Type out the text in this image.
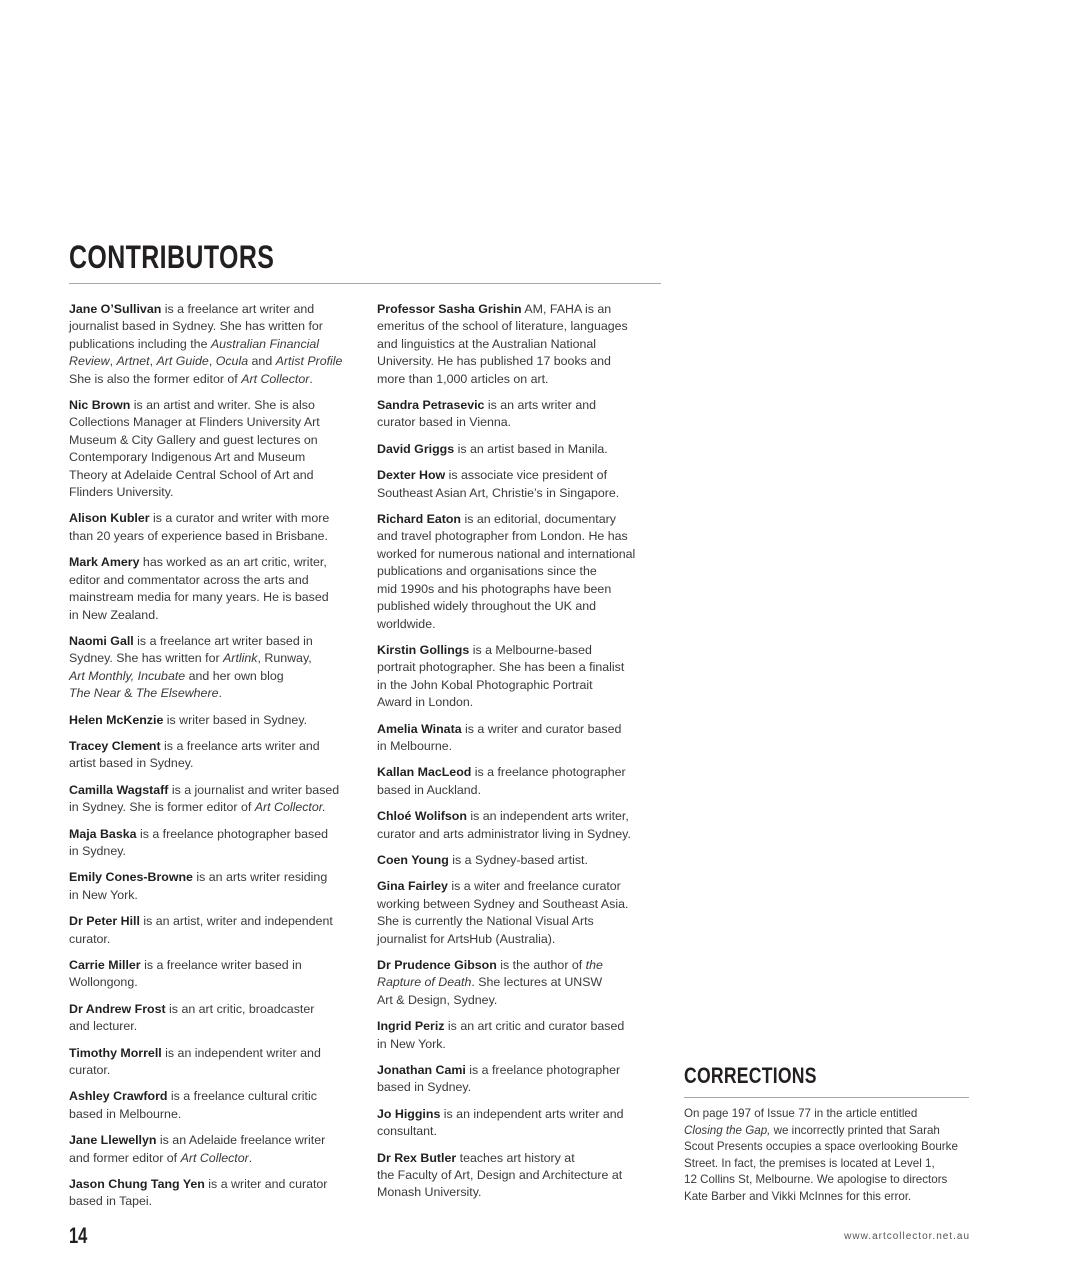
CONTRIBUTORS

Jane O’Sullivan is a freelance art writer and
journalist based in Sydney. She has written for
publications including the Australian Financial
Review, Artnet, Art Guide, Ocula and Artist Profile
She is also the former editor of Art Collector.

Nic Brown is an artist and writer. She is also
Collections Manager at Flinders University Art
Museum & City Gallery and guest lectures on
Contemporary Indigenous Art and Museum
Theory at Adelaide Central School of Art and
Flinders University.

Alison Kubler is a curator and writer with more
than 20 years of experience based in Brisbane.

Mark Amery has worked as an art critic, writer,
editor and commentator across the arts and
mainstream media for many years. He is based
in New Zealand.

Naomi Gall is a freelance art writer based in
Sydney. She has written for Artlink, Runway,
Art Monthly, Incubate and her own blog
The Near & The Elsewhere.

Helen McKenzie is writer based in Sydney.

Tracey Clement is a freelance arts writer and
artist based in Sydney.

Camilla Wagstaff is a journalist and writer based
in Sydney. She is former editor of Art Collector.

Maja Baska is a freelance photographer based
in Sydney.

Emily Cones-Browne is an arts writer residing
in New York.

Dr Peter Hill is an artist, writer and independent
curator.

Carrie Miller is a freelance writer based in
Wollongong.

Dr Andrew Frost is an art critic, broadcaster
and lecturer.

Timothy Morrell is an independent writer and
curator.

Ashley Crawford is a freelance cultural critic
based in Melbourne.

Jane Llewellyn is an Adelaide freelance writer
and former editor of Art Collector.

Jason Chung Tang Yen is a writer and curator
based in Tapei.

Professor Sasha Grishin AM, FAHA is an
emeritus of the school of literature, languages
and linguistics at the Australian National
University. He has published 17 books and
more than 1,000 articles on art.

Sandra Petrasevic is an arts writer and
curator based in Vienna.

David Griggs is an artist based in Manila.

Dexter How is associate vice president of
Southeast Asian Art, Christie’s in Singapore.

Richard Eaton is an editorial, documentary
and travel photographer from London. He has
worked for numerous national and international
publications and organisations since the
mid 1990s and his photographs have been
published widely throughout the UK and
worldwide.

Kirstin Gollings is a Melbourne-based
portrait photographer. She has been a finalist
in the John Kobal Photographic Portrait
Award in London.

Amelia Winata is a writer and curator based
in Melbourne.

Kallan MacLeod is a freelance photographer
based in Auckland.

Chloé Wolifson is an independent arts writer,
curator and arts administrator living in Sydney.

Coen Young is a Sydney-based artist.

Gina Fairley is a witer and freelance curator
working between Sydney and Southeast Asia.
She is currently the National Visual Arts
journalist for ArtsHub (Australia).

Dr Prudence Gibson is the author of the
Rapture of Death. She lectures at UNSW
Art & Design, Sydney.

Ingrid Periz is an art critic and curator based
in New York.

Jonathan Cami is a freelance photographer
based in Sydney.

Jo Higgins is an independent arts writer and
consultant.

Dr Rex Butler teaches art history at
the Faculty of Art, Design and Architecture at
Monash University.

CORRECTIONS

On page 197 of Issue 77 in the article entitled
Closing the Gap, we incorrectly printed that Sarah
Scout Presents occupies a space overlooking Bourke
Street. In fact, the premises is located at Level 1,
12 Collins St, Melbourne. We apologise to directors
Kate Barber and Vikki McInnes for this error.

14	www.artcollector.net.au
